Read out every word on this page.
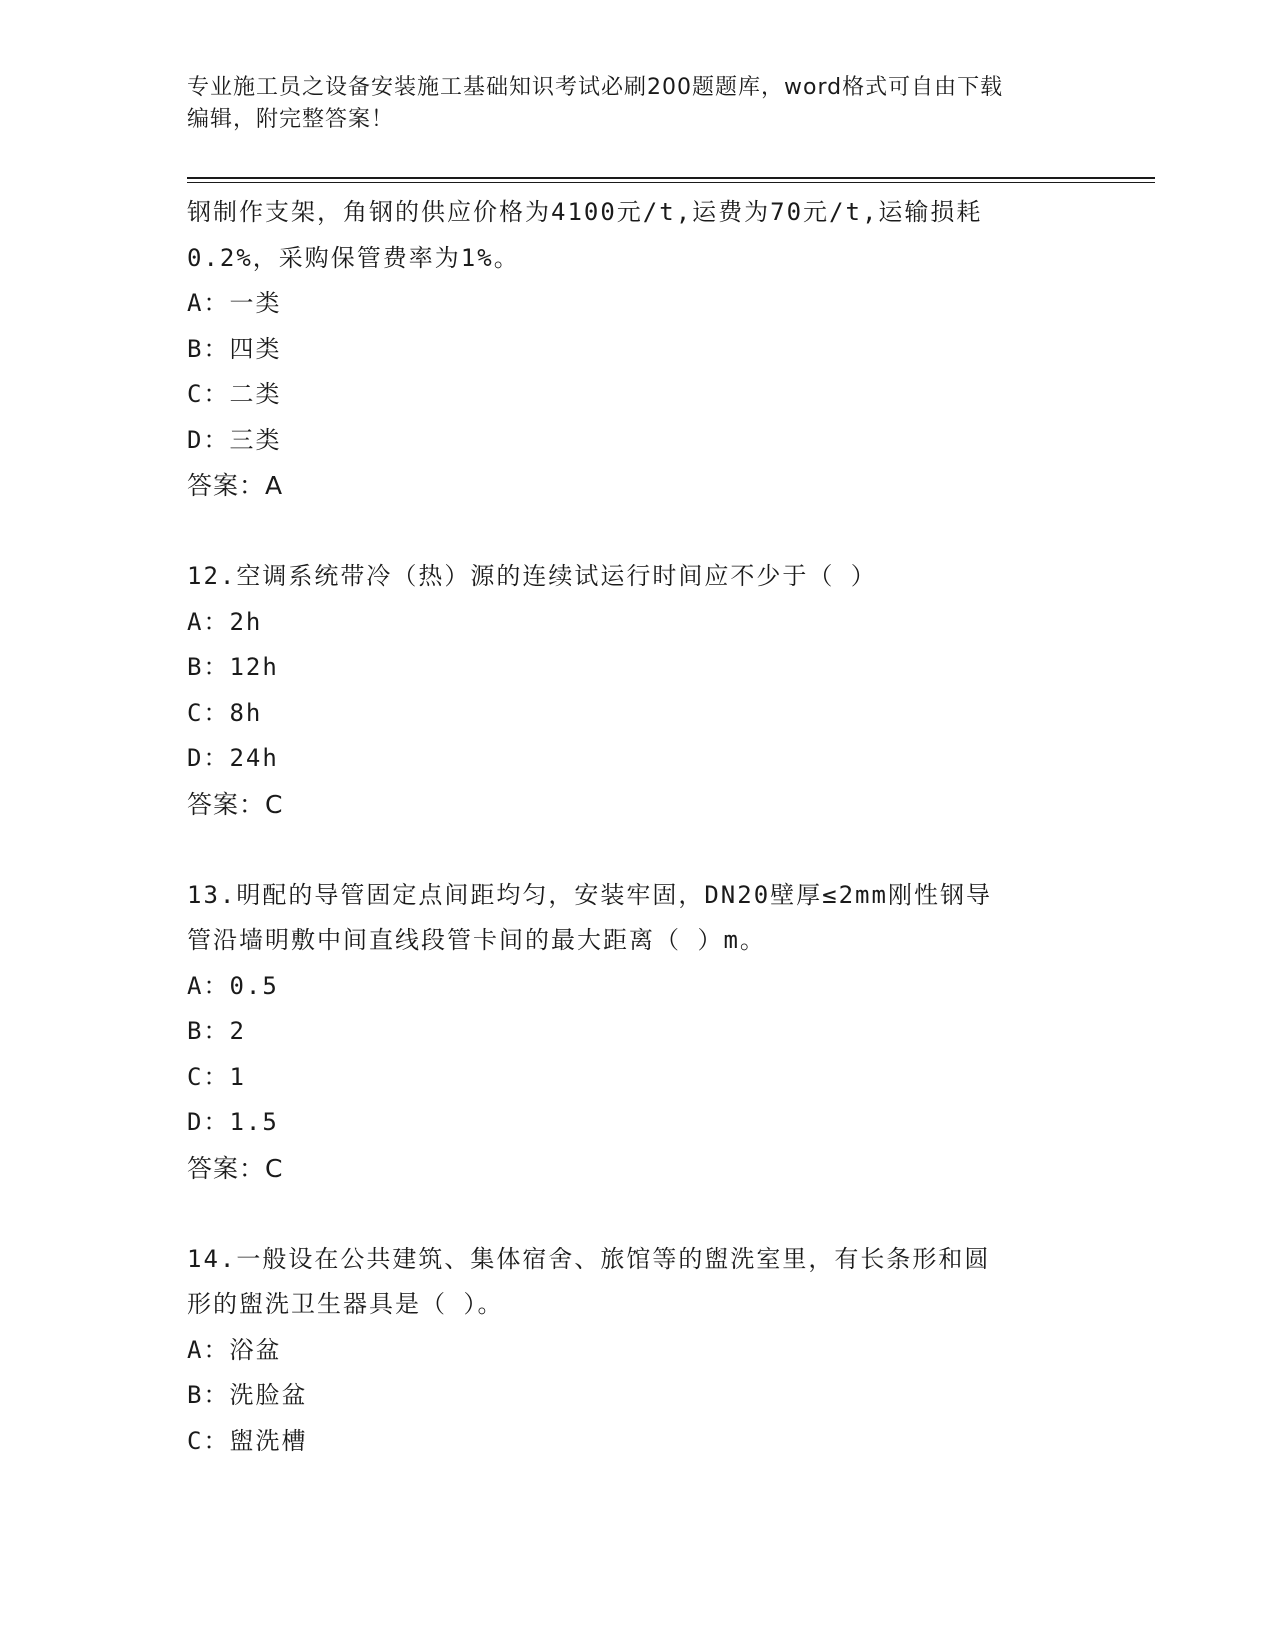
专业施工员之设备安装施工基础知识考试必刷200题题库，word格式可自由下载
编辑，附完整答案！
钢制作支架，角钢的供应价格为4100元/t,运费为70元/t,运输损耗
0.2%，采购保管费率为1%。
A：一类
B：四类
C：二类
D：三类
答案：A
12.空调系统带冷（热）源的连续试运行时间应不少于（ ）
A：2h
B：12h
C：8h
D：24h
答案：C
13.明配的导管固定点间距均匀，安装牢固，DN20壁厚≤2mm刚性钢导
管沿墙明敷中间直线段管卡间的最大距离（ ）m。
A：0.5
B：2
C：1
D：1.5
答案：C
14.一般设在公共建筑、集体宿舍、旅馆等的盥洗室里，有长条形和圆
形的盥洗卫生器具是（ ）。
A：浴盆
B：洗脸盆
C：盥洗槽
